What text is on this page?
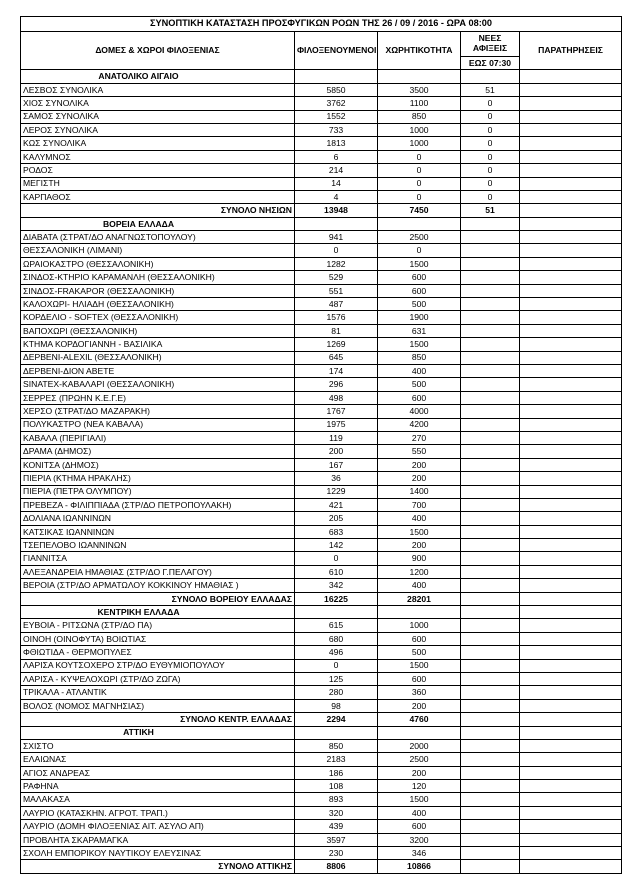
ΣΥΝΟΠΤΙΚΗ ΚΑΤΑΣΤΑΣΗ ΠΡΟΣΦΥΓΙΚΩΝ ΡΟΩΝ ΤΗΣ 26 / 09 / 2016 - ΩΡΑ 08:00				
ΔΟΜΕΣ & ΧΩΡΟΙ ΦΙΛΟΞΕΝΙΑΣ	ΦΙΛΟΞΕΝΟΥΜΕΝΟΙ	ΧΩΡΗΤΙΚΟΤΗΤΑ	ΝΕΕΣ ΑΦΙΞΕΙΣ	ΠΑΡΑΤΗΡΗΣΕΙΣ
			ΕΩΣ 07:30	
ΑΝΑΤΟΛΙΚΟ ΑΙΓΑΙΟ				
ΛΕΣΒΟΣ ΣΥΝΟΛΙΚΑ	5850	3500	51	
ΧΙΟΣ ΣΥΝΟΛΙΚΑ	3762	1100	0	
ΣΑΜΟΣ ΣΥΝΟΛΙΚΑ	1552	850	0	
ΛΕΡΟΣ ΣΥΝΟΛΙΚΑ	733	1000	0	
ΚΩΣ ΣΥΝΟΛΙΚΑ	1813	1000	0	
ΚΑΛΥΜΝΟΣ	6	0	0	
ΡΟΔΟΣ	214	0	0	
ΜΕΓΙΣΤΗ	14	0	0	
ΚΑΡΠΑΘΟΣ	4	0	0	
ΣΥΝΟΛΟ ΝΗΣΙΩΝ	13948	7450	51	
ΒΟΡΕΙΑ ΕΛΛΑΔΑ				
ΔΙΑΒΑΤΑ (ΣΤΡΑΤ/ΔΟ ΑΝΑΓΝΩΣΤΟΠΟΥΛΟΥ)	941	2500		
ΘΕΣΣΑΛΟΝΙΚΗ (ΛΙΜΑΝΙ)	0	0		
ΩΡΑΙΟΚΑΣΤΡΟ (ΘΕΣΣΑΛΟΝΙΚΗ)	1282	1500		
ΣΙΝΔΟΣ-ΚΤΗΡΙΟ ΚΑΡΑΜΑΝΛΗ (ΘΕΣΣΑΛΟΝΙΚΗ)	529	600		
ΣΙΝΔΟΣ-FRAKAPOR (ΘΕΣΣΑΛΟΝΙΚΗ)	551	600		
ΚΑΛΟΧΩΡΙ- ΗΛΙΑΔΗ (ΘΕΣΣΑΛΟΝΙΚΗ)	487	500		
ΚΟΡΔΕΛΙΟ - SOFTEX (ΘΕΣΣΑΛΟΝΙΚΗ)	1576	1900		
ΒΑΠΟΧΩΡΙ (ΘΕΣΣΑΛΟΝΙΚΗ)	81	631		
ΚΤΗΜΑ ΚΟΡΔΟΓΙΑΝΝΗ - ΒΑΣΙΛΙΚΑ	1269	1500		
ΔΕΡΒΕΝΙ-ALEXIL (ΘΕΣΣΑΛΟΝΙΚΗ)	645	850		
ΔΕΡΒΕΝΙ-ΔΙΟΝ ΑΒΕΤΕ	174	400		
SINATEX-ΚΑΒΑΛΑΡΙ (ΘΕΣΣΑΛΟΝΙΚΗ)	296	500		
ΣΕΡΡΕΣ (ΠΡΩΗΝ Κ.Ε.Γ.Ε)	498	600		
ΧΕΡΣΟ (ΣΤΡΑΤ/ΔΟ ΜΑΖΑΡΑΚΗ)	1767	4000		
ΠΟΛΥΚΑΣΤΡΟ (ΝΕΑ ΚΑΒΑΛΑ)	1975	4200		
ΚΑΒΑΛΑ (ΠΕΡΙΓΙΑΛΙ)	119	270		
ΔΡΑΜΑ (ΔΗΜΟΣ)	200	550		
ΚΟΝΙΤΣΑ (ΔΗΜΟΣ)	167	200		
ΠΙΕΡΙΑ (ΚΤΗΜΑ ΗΡΑΚΛΗΣ)	36	200		
ΠΙΕΡΙΑ (ΠΕΤΡΑ ΟΛΥΜΠΟΥ)	1229	1400		
ΠΡΕΒΕΖΑ - ΦΙΛΙΠΠΙΑΔΑ (ΣΤΡ/ΔΟ ΠΕΤΡΟΠΟΥΛΑΚΗ)	421	700		
ΔΟΛΙΑΝΑ ΙΩΑΝΝΙΝΩΝ	205	400		
ΚΑΤΣΙΚΑΣ ΙΩΑΝΝΙΝΩΝ	683	1500		
ΤΣΕΠΕΛΟΒΟ ΙΩΑΝΝΙΝΩΝ	142	200		
ΓΙΑΝΝΙΤΣΑ	0	900		
ΑΛΕΞΑΝΔΡΕΙΑ ΗΜΑΘΙΑΣ (ΣΤΡ/ΔΟ Γ.ΠΕΛΑΓΟΥ)	610	1200		
ΒΕΡΟΙΑ (ΣΤΡ/ΔΟ ΑΡΜΑΤΩΛΟΥ ΚΟΚΚΙΝΟΥ ΗΜΑΘΙΑΣ )	342	400		
ΣΥΝΟΛΟ ΒΟΡΕΙΟΥ ΕΛΛΑΔΑΣ	16225	28201		
ΚΕΝΤΡΙΚΗ ΕΛΛΑΔΑ				
ΕΥΒΟΙΑ - ΡΙΤΣΩΝΑ (ΣΤΡ/ΔΟ ΠΑ)	615	1000		
ΟΙΝΟΗ (ΟΙΝΟΦΥΤΑ) ΒΟΙΩΤΙΑΣ	680	600		
ΦΘΙΩΤΙΔΑ - ΘΕΡΜΟΠΥΛΕΣ	496	500		
ΛΑΡΙΣΑ ΚΟΥΤΣΟΧΕΡΟ ΣΤΡ/ΔΟ ΕΥΘΥΜΙΟΠΟΥΛΟΥ	0	1500		
ΛΑΡΙΣΑ - ΚΥΨΕΛΟΧΩΡΙ (ΣΤΡ/ΔΟ ΖΩΓΑ)	125	600		
ΤΡΙΚΑΛΑ - ΑΤΛΑΝΤΙΚ	280	360		
ΒΟΛΟΣ (ΝΟΜΟΣ ΜΑΓΝΗΣΙΑΣ)	98	200		
ΣΥΝΟΛΟ ΚΕΝΤΡ. ΕΛΛΑΔΑΣ	2294	4760		
ΑΤΤΙΚΗ				
ΣΧΙΣΤΟ	850	2000		
ΕΛΑΙΩΝΑΣ	2183	2500		
ΑΓΙΟΣ ΑΝΔΡΕΑΣ	186	200		
ΡΑΦΗΝΑ	108	120		
ΜΑΛΑΚΑΣΑ	893	1500		
ΛΑΥΡΙΟ (ΚΑΤΑΣΚΗΝ. ΑΓΡΟΤ. ΤΡΑΠ.)	320	400		
ΛΑΥΡΙΟ (ΔΟΜΗ ΦΙΛΟΞΕΝΙΑΣ ΑΙΤ. ΑΣΥΛΟ ΑΠ)	439	600		
ΠΡΟΒΛΗΤΑ ΣΚΑΡΑΜΑΓΚΑ	3597	3200		
ΣΧΟΛΗ ΕΜΠΟΡΙΚΟΥ ΝΑΥΤΙΚΟΥ ΕΛΕΥΣΙΝΑΣ	230	346		
ΣΥΝΟΛΟ ΑΤΤΙΚΗΣ	8806	10866		
